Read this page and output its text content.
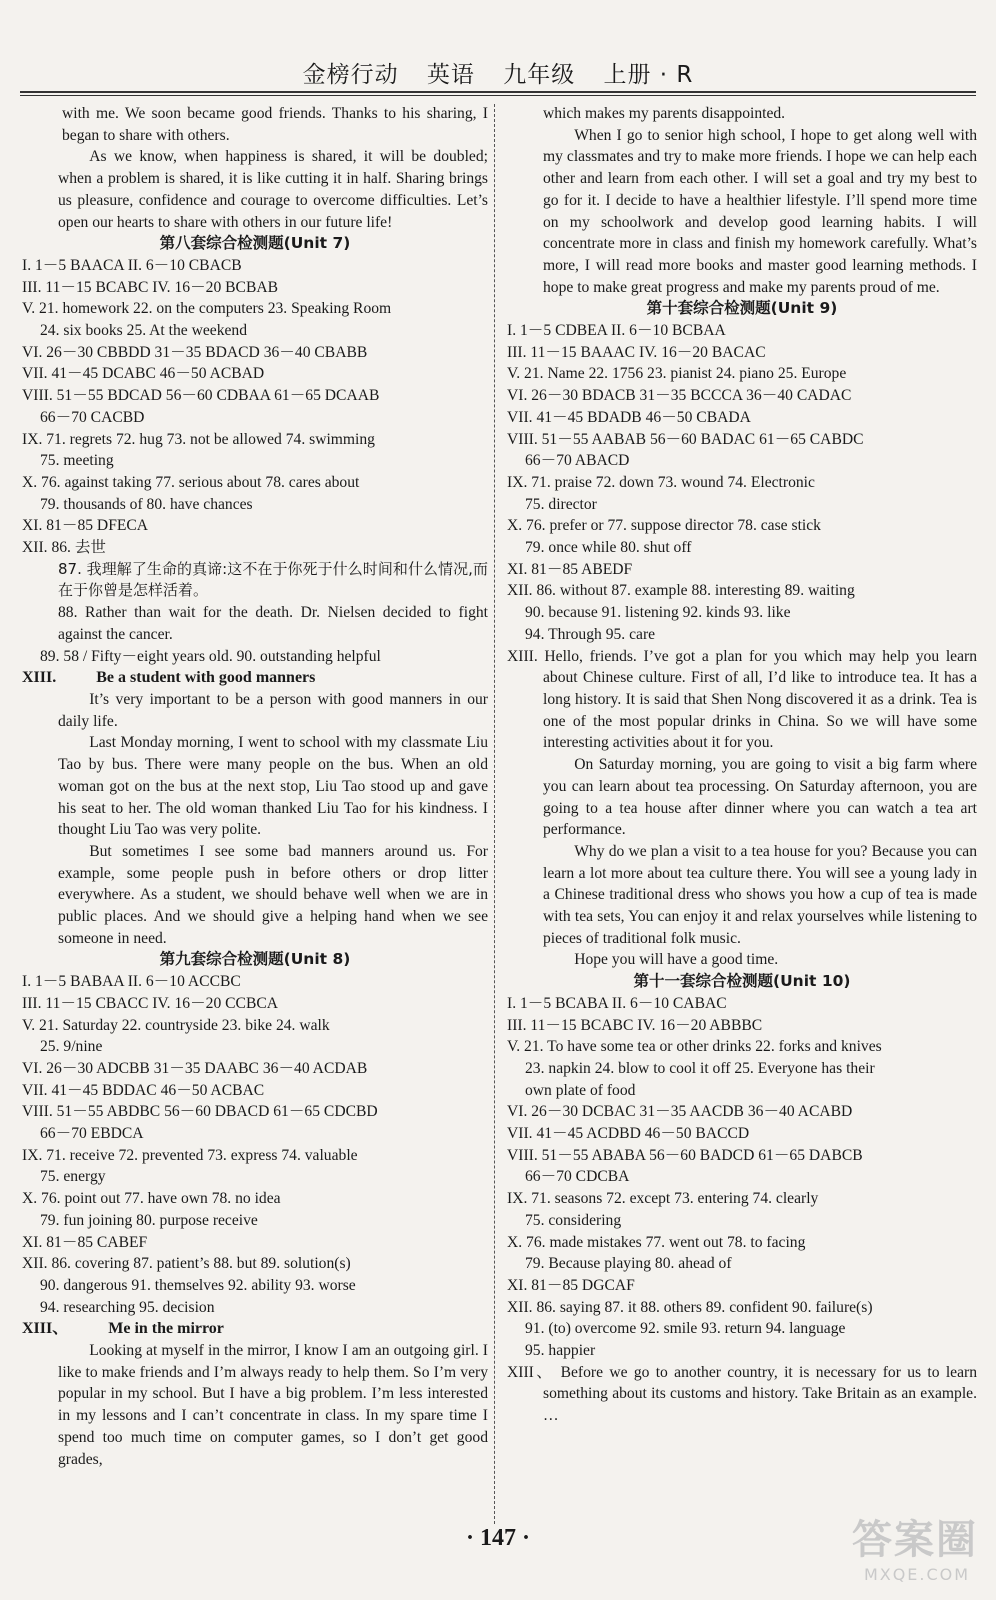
金榜行动 英语 九年级 上册 · R
with me. We soon became good friends. Thanks to his sharing, I began to share with others.
As we know, when happiness is shared, it will be doubled; when a problem is shared, it is like cutting it in half. Sharing brings us pleasure, confidence and courage to overcome difficulties. Let’s open our hearts to share with others in our future life!
第八套综合检测题(Unit 7)
I. 1－5 BAACA II. 6－10 CBACB
III. 11－15 BCABC IV. 16－20 BCBAB
V. 21. homework 22. on the computers 23. Speaking Room
24. six books 25. At the weekend
VI. 26－30 CBBDD 31－35 BDACD 36－40 CBABB
VII. 41－45 DCABC 46－50 ACBAD
VIII. 51－55 BDCAD 56－60 CDBAA 61－65 DCAAB
66－70 CACBD
IX. 71. regrets 72. hug 73. not be allowed 74. swimming
75. meeting
X. 76. against taking 77. serious about 78. cares about
79. thousands of 80. have chances
XI. 81－85 DFECA
XII. 86. 去世
87. 我理解了生命的真谛:这不在于你死于什么时间和什么情况,而在于你曾是怎样活着。
88. Rather than wait for the death. Dr. Nielsen decided to fight against the cancer.
89. 58 / Fifty－eight years old. 90. outstanding helpful
XIII.          Be a student with good manners
It’s very important to be a person with good manners in our daily life.
Last Monday morning, I went to school with my classmate Liu Tao by bus. There were many people on the bus. When an old woman got on the bus at the next stop, Liu Tao stood up and gave his seat to her. The old woman thanked Liu Tao for his kindness. I thought Liu Tao was very polite.
But sometimes I see some bad manners around us. For example, some people push in before others or drop litter everywhere. As a student, we should behave well when we are in public places. And we should give a helping hand when we see someone in need.
第九套综合检测题(Unit 8)
I. 1－5 BABAA II. 6－10 ACCBC
III. 11－15 CBACC IV. 16－20 CCBCA
V. 21. Saturday 22. countryside 23. bike 24. walk
25. 9/nine
VI. 26－30 ADCBB 31－35 DAABC 36－40 ACDAB
VII. 41－45 BDDAC 46－50 ACBAC
VIII. 51－55 ABDBC 56－60 DBACD 61－65 CDCBD
66－70 EBDCA
IX. 71. receive 72. prevented 73. express 74. valuable
75. energy
X. 76. point out 77. have own 78. no idea
79. fun joining 80. purpose receive
XI. 81－85 CABEF
XII. 86. covering 87. patient’s 88. but 89. solution(s)
90. dangerous 91. themselves 92. ability 93. worse
94. researching 95. decision
XIII、          Me in the mirror
Looking at myself in the mirror, I know I am an outgoing girl. I like to make friends and I’m always ready to help them. So I’m very popular in my school. But I have a big problem. I’m less interested in my lessons and I can’t concentrate in class. In my spare time I spend too much time on computer games, so I don’t get good grades,
which makes my parents disappointed.
When I go to senior high school, I hope to get along well with my classmates and try to make more friends. I hope we can help each other and learn from each other. I will set a goal and try my best to go for it. I decide to have a healthier lifestyle. I’ll spend more time on my schoolwork and develop good learning habits. I will concentrate more in class and finish my homework carefully. What’s more, I will read more books and master good learning methods. I hope to make great progress and make my parents proud of me.
第十套综合检测题(Unit 9)
I. 1－5 CDBEA II. 6－10 BCBAA
III. 11－15 BAAAC IV. 16－20 BACAC
V. 21. Name 22. 1756 23. pianist 24. piano 25. Europe
VI. 26－30 BDACB 31－35 BCCCA 36－40 CADAC
VII. 41－45 BDADB 46－50 CBADA
VIII. 51－55 AABAB 56－60 BADAC 61－65 CABDC
66－70 ABACD
IX. 71. praise 72. down 73. wound 74. Electronic
75. director
X. 76. prefer or 77. suppose director 78. case stick
79. once while 80. shut off
XI. 81－85 ABEDF
XII. 86. without 87. example 88. interesting 89. waiting
90. because 91. listening 92. kinds 93. like
94. Through 95. care
XIII. Hello, friends. I’ve got a plan for you which may help you learn about Chinese culture. First of all, I’d like to introduce tea. It has a long history. It is said that Shen Nong discovered it as a drink. Tea is one of the most popular drinks in China. So we will have some interesting activities about it for you.
On Saturday morning, you are going to visit a big farm where you can learn about tea processing. On Saturday afternoon, you are going to a tea house after dinner where you can watch a tea art performance.
Why do we plan a visit to a tea house for you? Because you can learn a lot more about tea culture there. You will see a young lady in a Chinese traditional dress who shows you how a cup of tea is made with tea sets, You can enjoy it and relax yourselves while listening to pieces of traditional folk music.
Hope you will have a good time.
第十一套综合检测题(Unit 10)
I. 1－5 BCABA II. 6－10 CABAC
III. 11－15 BCABC IV. 16－20 ABBBC
V. 21. To have some tea or other drinks 22. forks and knives
23. napkin 24. blow to cool it off 25. Everyone has their
own plate of food
VI. 26－30 DCBAC 31－35 AACDB 36－40 ACABD
VII. 41－45 ACDBD 46－50 BACCD
VIII. 51－55 ABABA 56－60 BADCD 61－65 DABCB
66－70 CDCBA
IX. 71. seasons 72. except 73. entering 74. clearly
75. considering
X. 76. made mistakes 77. went out 78. to facing
79. Because playing 80. ahead of
XI. 81－85 DGCAF
XII. 86. saying 87. it 88. others 89. confident 90. failure(s)
91. (to) overcome 92. smile 93. return 94. language
95. happier
XIII、 Before we go to another country, it is necessary for us to learn something about its customs and history. Take Britain as an example. …
· 147 ·	答案圈
MXQE.COM
